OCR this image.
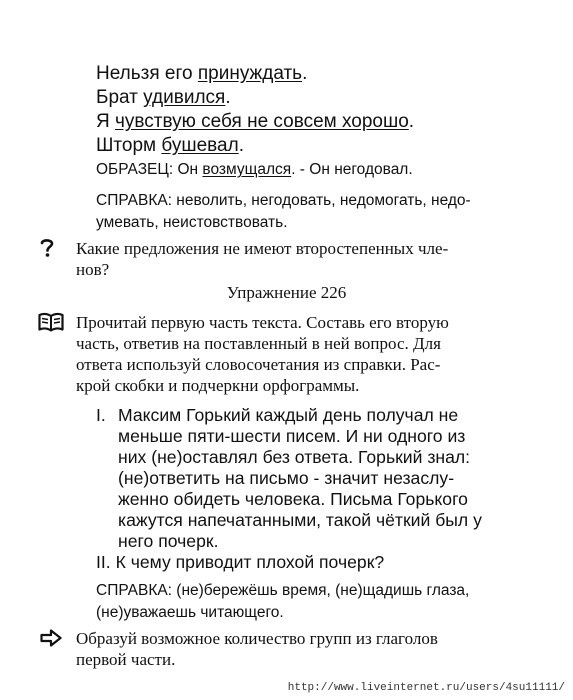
Нельзя его принуждать.
Брат удивился.
Я чувствую себя не совсем хорошо.
Шторм бушевал.
ОБРАЗЕЦ: Он возмущался. - Он негодовал.
СПРАВКА: неволить, негодовать, недомогать, недо-
умевать, неистовствовать.
Какие предложения не имеют второстепенных чле-
нов?
Упражнение 226
Прочитай первую часть текста. Составь его вторую
часть, ответив на поставленный в ней вопрос. Для
ответа используй словосочетания из справки. Рас-
крой скобки и подчеркни орфограммы.
I. Максим Горький каждый день получал не
меньше пяти-шести писем. И ни одного из
них (не)оставлял без ответа. Горький знал:
(не)ответить на письмо - значит незаслу-
женно обидеть человека. Письма Горького
кажутся напечатанными, такой чёткий был у
него почерк.
II. К чему приводит плохой почерк?
СПРАВКА: (не)бережёшь время, (не)щадишь глаза,
(не)уважаешь читающего.
Образуй возможное количество групп из глаголов
первой части.
http://www.liveinternet.ru/users/4su11111/
